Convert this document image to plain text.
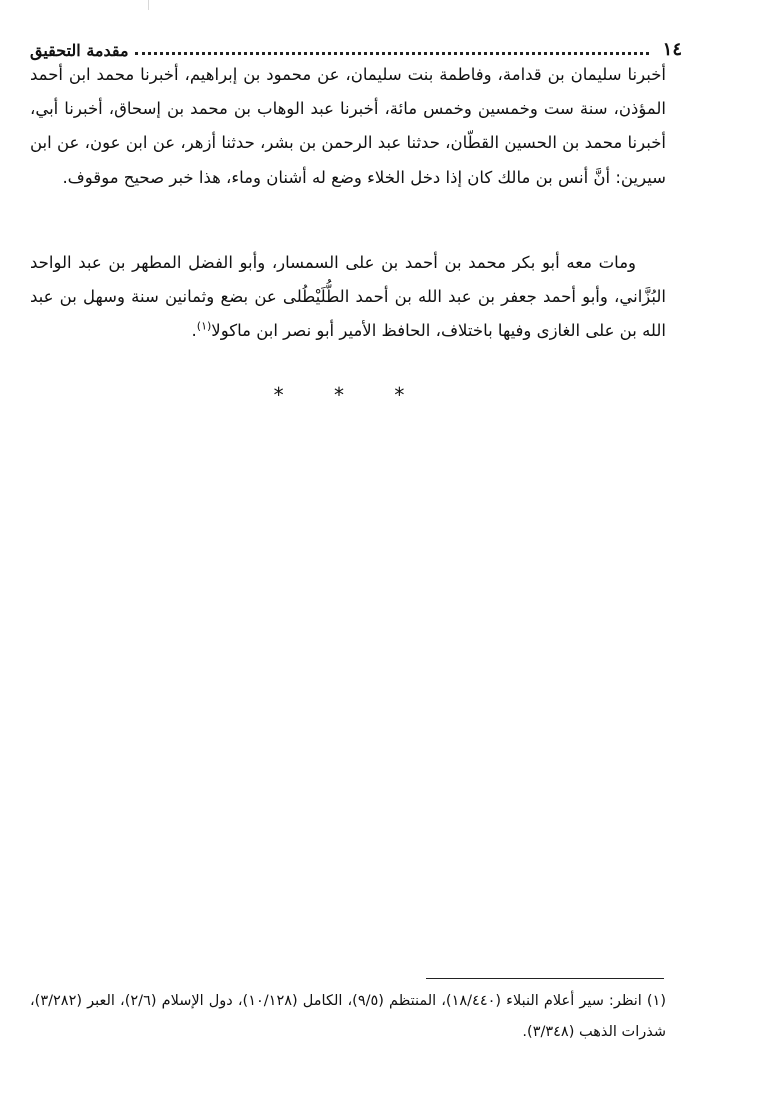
١٤
مقدمة التحقيق

أخبرنا سليمان بن قدامة، وفاطمة بنت سليمان، عن محمود بن إبراهيم، أخبرنا محمد ابن أحمد المؤذن، سنة ست وخمسين وخمس مائة، أخبرنا عبد الوهاب بن محمد بن إسحاق، أخبرنا أبي، أخبرنا محمد بن الحسين القطّان، حدثنا عبد الرحمن بن بشر، حدثنا أزهر، عن ابن عون، عن ابن سيرين: أنَّ أنس بن مالك كان إذا دخل الخلاء وضع له أشنان وماء، هذا خبر صحيح موقوف.

ومات معه أبو بكر محمد بن أحمد بن على السمسار، وأبو الفضل المطهر بن عبد الواحد البُزَّاني، وأبو أحمد جعفر بن عبد الله بن أحمد الطُّلَيْطُلى عن بضع وثمانين سنة وسهل بن عبد الله بن على الغازى وفيها باختلاف، الحافظ الأمير أبو نصر ابن ماكولا$^{(١)}$.

* * *

(١) انظر: سير أعلام النبلاء (١٨/٤٤٠)، المنتظم (٩/٥)، الكامل (١٠/١٢٨)، دول الإسلام (٢/٦)، العبر (٣/٢٨٢)، شذرات الذهب (٣/٣٤٨).
